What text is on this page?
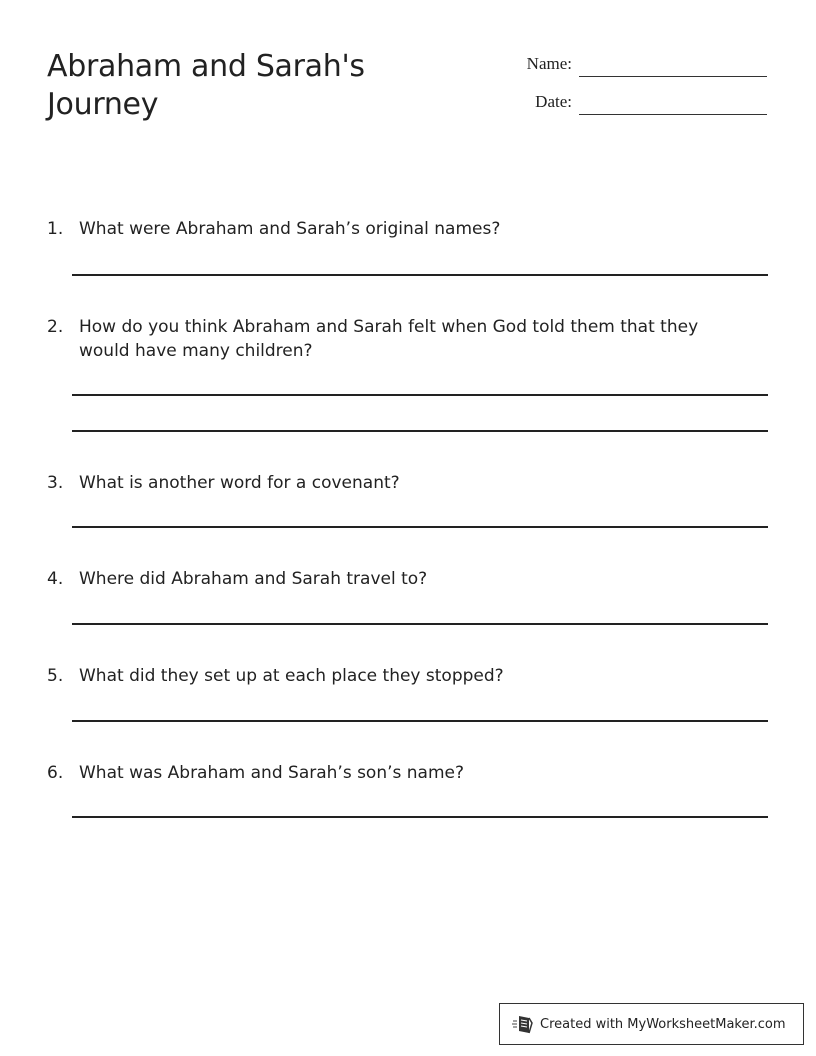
Abraham and Sarah's Journey
Name:
Date:
1. What were Abraham and Sarah’s original names?
2. How do you think Abraham and Sarah felt when God told them that they would have many children?
3. What is another word for a covenant?
4. Where did Abraham and Sarah travel to?
5. What did they set up at each place they stopped?
6. What was Abraham and Sarah’s son’s name?
Created with MyWorksheetMaker.com
